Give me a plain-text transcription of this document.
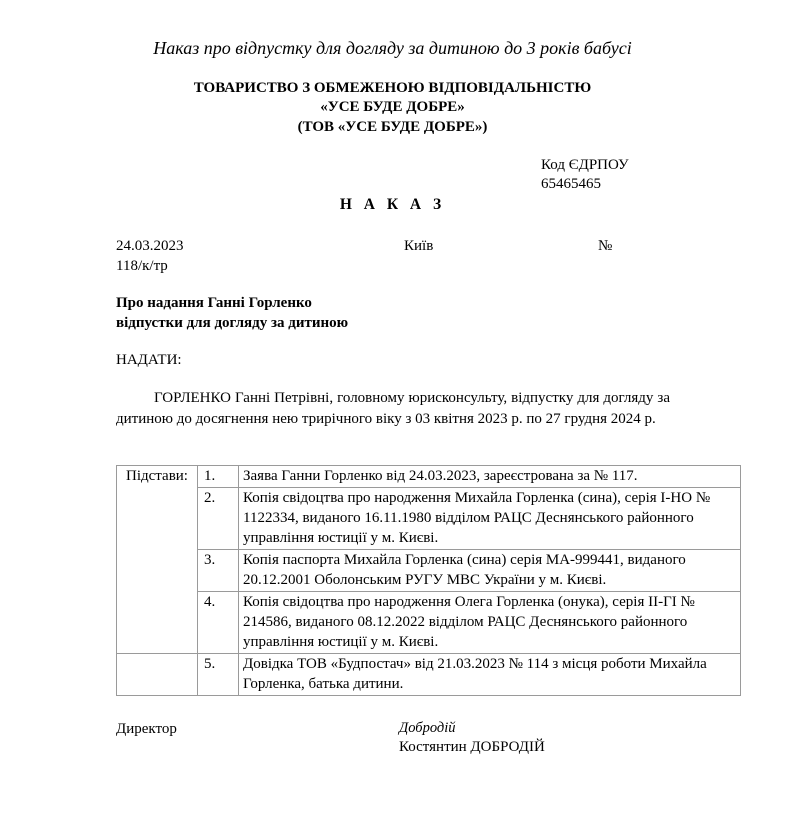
Наказ про відпустку для догляду за дитиною до 3 років бабусі
ТОВАРИСТВО З ОБМЕЖЕНОЮ ВІДПОВІДАЛЬНІСТЮ
«УСЕ БУДЕ ДОБРЕ»
(ТОВ «УСЕ БУДЕ ДОБРЕ»)
Код ЄДРПОУ
65465465
Н А К А З
24.03.2023	Київ	№
118/к/тр
Про надання Ганні Горленко
відпустки для догляду за дитиною
НАДАТИ:
ГОРЛЕНКО Ганні Петрівні, головному юрисконсульту, відпустку для догляду за дитиною до досягнення нею трирічного віку з 03 квітня 2023 р. по 27 грудня 2024 р.
Підстави:	1.	Заява Ганни Горленко від 24.03.2023, зареєстрована за № 117.
	2.	Копія свідоцтва про народження Михайла Горленка (сина), серія І-НО № 1122334, виданого 16.11.1980 відділом РАЦС Деснянського районного управління юстиції у м. Києві.
	3.	Копія паспорта Михайла Горленка (сина) серія МА-999441, виданого 20.12.2001 Оболонським РУГУ МВС України у м. Києві.
	4.	Копія свідоцтва про народження Олега Горленка (онука), серія ІІ-ГІ № 214586, виданого 08.12.2022 відділом РАЦС Деснянського районного управління юстиції у м. Києві.
	5.	Довідка ТОВ «Будпостач» від 21.03.2023 № 114 з місця роботи Михайла Горленка, батька дитини.
Директор	Добродій
Костянтин ДОБРОДІЙ
